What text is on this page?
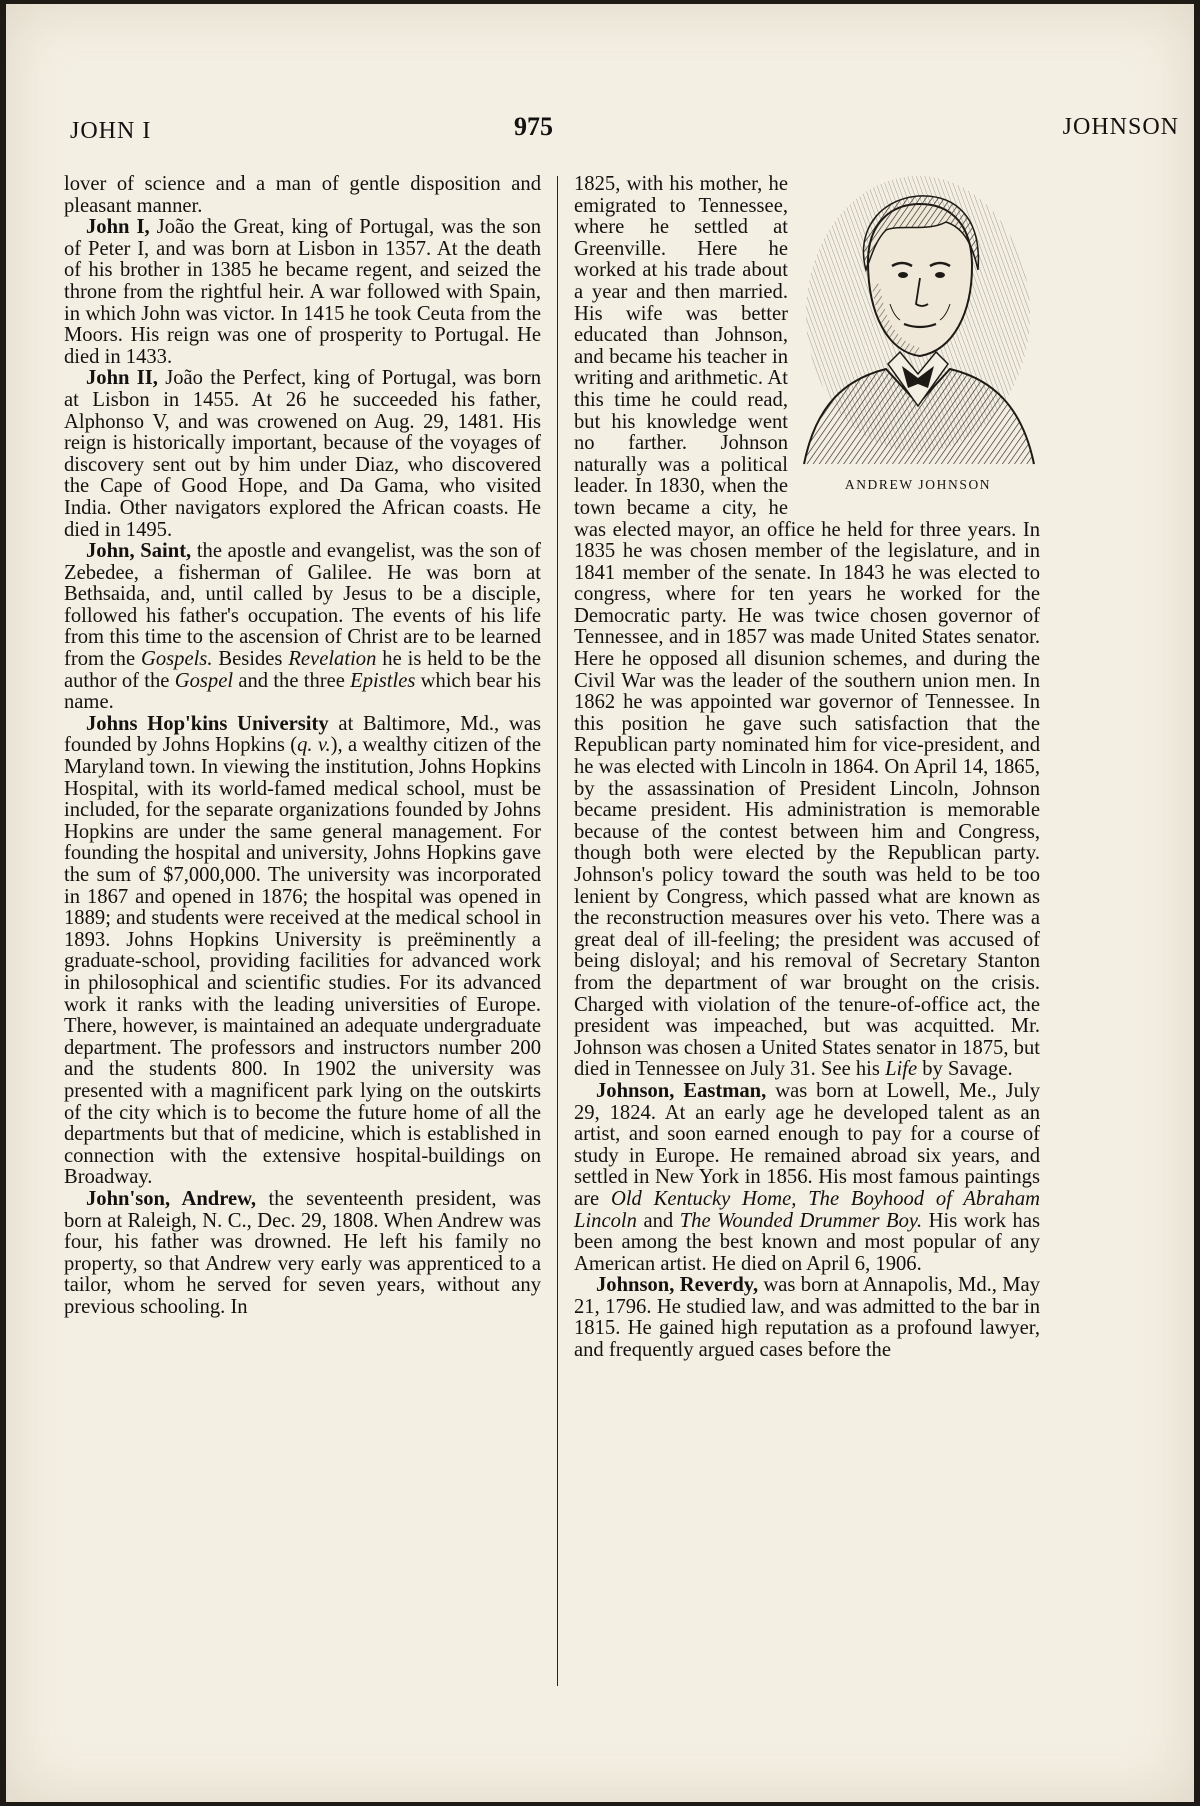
JOHN I	975	JOHNSON

lover of science and a man of gentle disposition and pleasant manner.

John I, João the Great, king of Portugal, was the son of Peter I, and was born at Lisbon in 1357. At the death of his brother in 1385 he became regent, and seized the throne from the rightful heir. A war followed with Spain, in which John was victor. In 1415 he took Ceuta from the Moors. His reign was one of prosperity to Portugal. He died in 1433.

John II, João the Perfect, king of Portugal, was born at Lisbon in 1455. At 26 he succeeded his father, Alphonso V, and was crowened on Aug. 29, 1481. His reign is historically important, because of the voyages of discovery sent out by him under Diaz, who discovered the Cape of Good Hope, and Da Gama, who visited India. Other navigators explored the African coasts. He died in 1495.

John, Saint, the apostle and evangelist, was the son of Zebedee, a fisherman of Galilee. He was born at Bethsaida, and, until called by Jesus to be a disciple, followed his father's occupation. The events of his life from this time to the ascension of Christ are to be learned from the Gospels. Besides Revelation he is held to be the author of the Gospel and the three Epistles which bear his name.

Johns Hop'kins University at Baltimore, Md., was founded by Johns Hopkins (q. v.), a wealthy citizen of the Maryland town. In viewing the institution, Johns Hopkins Hospital, with its world-famed medical school, must be included, for the separate organizations founded by Johns Hopkins are under the same general management. For founding the hospital and university, Johns Hopkins gave the sum of $7,000,000. The university was incorporated in 1867 and opened in 1876; the hospital was opened in 1889; and students were received at the medical school in 1893. Johns Hopkins University is preëminently a graduate-school, providing facilities for advanced work in philosophical and scientific studies. For its advanced work it ranks with the leading universities of Europe. There, however, is maintained an adequate undergraduate department. The professors and instructors number 200 and the students 800. In 1902 the university was presented with a magnificent park lying on the outskirts of the city which is to become the future home of all the departments but that of medicine, which is established in connection with the extensive hospital-buildings on Broadway.

John'son, Andrew, the seventeenth president, was born at Raleigh, N. C., Dec. 29, 1808. When Andrew was four, his father was drowned. He left his family no property, so that Andrew very early was apprenticed to a tailor, whom he served for seven years, without any previous schooling. In

ANDREW JOHNSON

1825, with his mother, he emigrated to Tennessee, where he settled at Greenville. Here he worked at his trade about a year and then married. His wife was better educated than Johnson, and became his teacher in writing and arithmetic. At this time he could read, but his knowledge went no farther. Johnson naturally was a political leader. In 1830, when the town became a city, he was elected mayor, an office he held for three years. In 1835 he was chosen member of the legislature, and in 1841 member of the senate. In 1843 he was elected to congress, where for ten years he worked for the Democratic party. He was twice chosen governor of Tennessee, and in 1857 was made United States senator. Here he opposed all disunion schemes, and during the Civil War was the leader of the southern union men. In 1862 he was appointed war governor of Tennessee. In this position he gave such satisfaction that the Republican party nominated him for vice-president, and he was elected with Lincoln in 1864. On April 14, 1865, by the assassination of President Lincoln, Johnson became president. His administration is memorable because of the contest between him and Congress, though both were elected by the Republican party. Johnson's policy toward the south was held to be too lenient by Congress, which passed what are known as the reconstruction measures over his veto. There was a great deal of ill-feeling; the president was accused of being disloyal; and his removal of Secretary Stanton from the department of war brought on the crisis. Charged with violation of the tenure-of-office act, the president was impeached, but was acquitted. Mr. Johnson was chosen a United States senator in 1875, but died in Tennessee on July 31. See his Life by Savage.

Johnson, Eastman, was born at Lowell, Me., July 29, 1824. At an early age he developed talent as an artist, and soon earned enough to pay for a course of study in Europe. He remained abroad six years, and settled in New York in 1856. His most famous paintings are Old Kentucky Home, The Boyhood of Abraham Lincoln and The Wounded Drummer Boy. His work has been among the best known and most popular of any American artist. He died on April 6, 1906.

Johnson, Reverdy, was born at Annapolis, Md., May 21, 1796. He studied law, and was admitted to the bar in 1815. He gained high reputation as a profound lawyer, and frequently argued cases before the
